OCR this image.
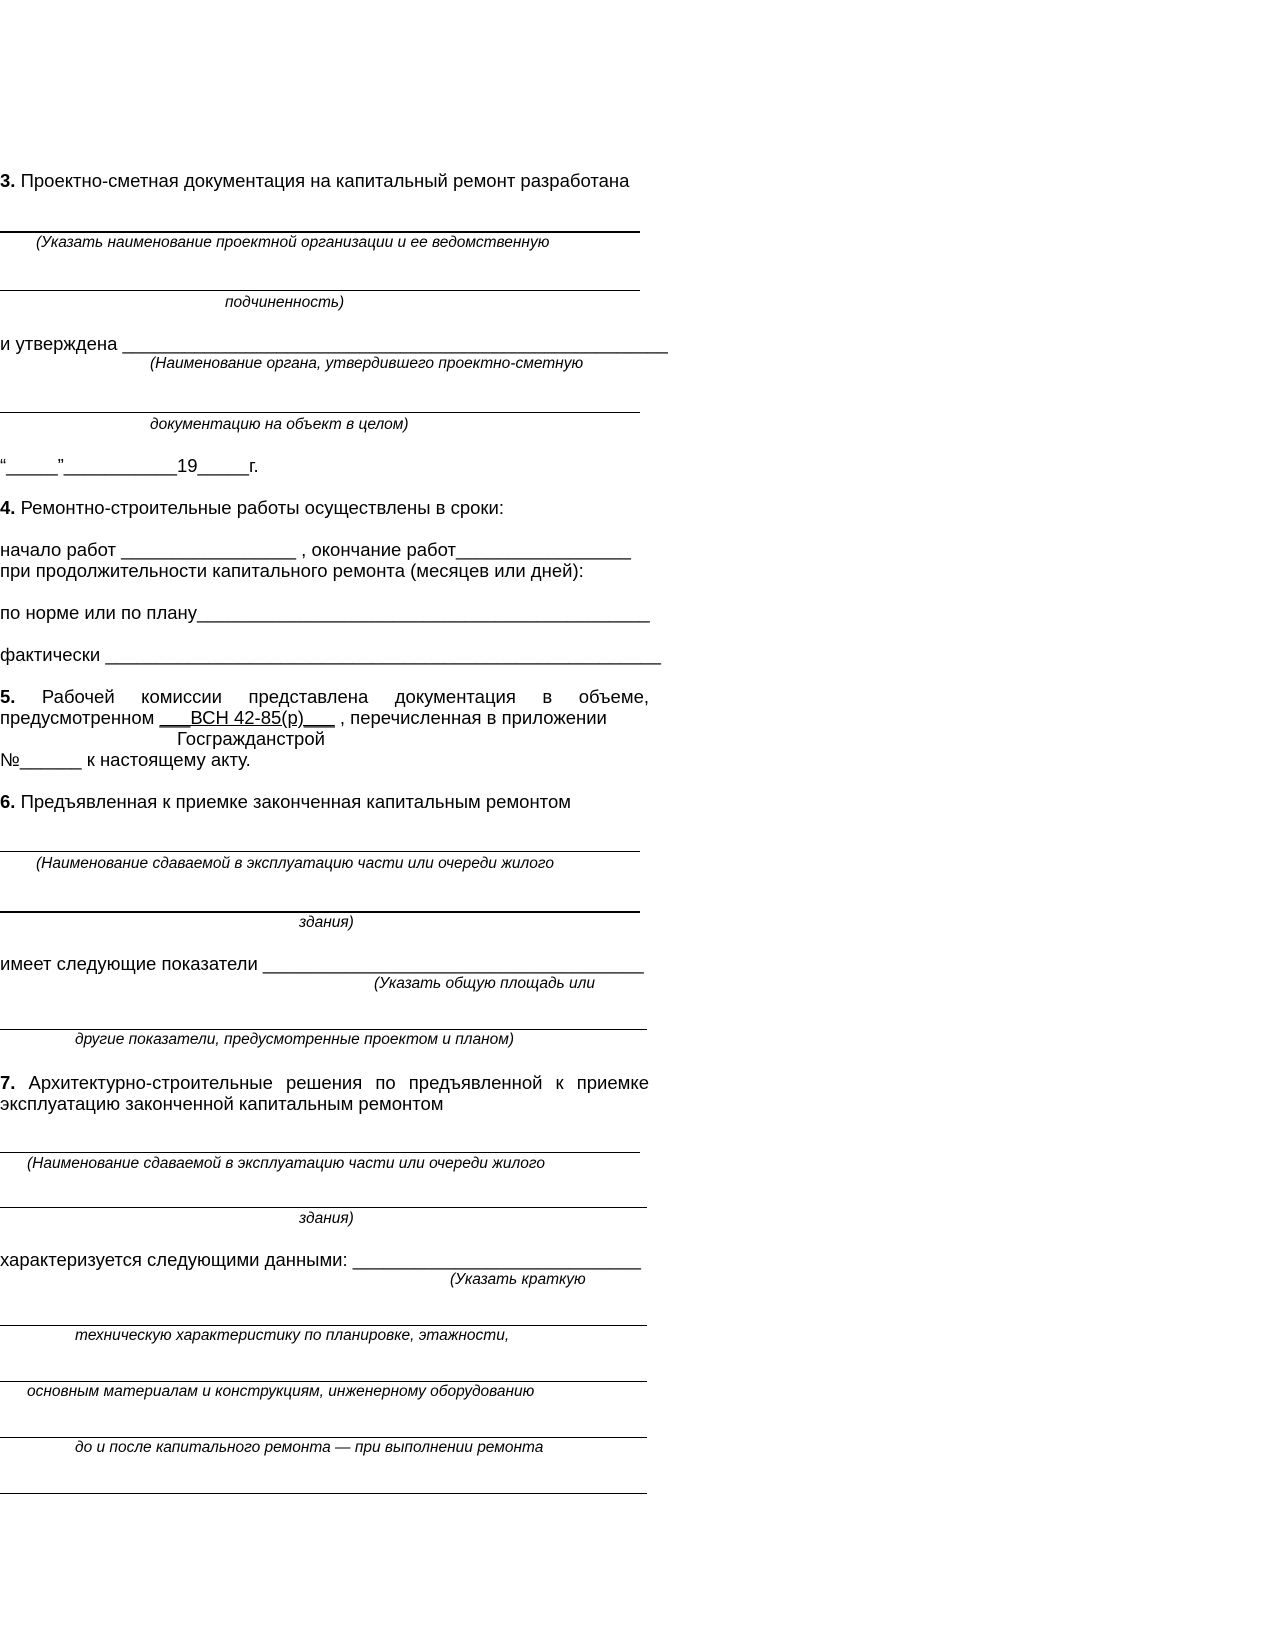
3. Проектно-сметная документация на капитальный ремонт разработана
(Указать наименование проектной организации и ее ведомственную
подчиненность)
и утверждена _____________________________________________________
(Наименование органа, утвердившего проектно-сметную
документацию на объект в целом)
“_____”___________19_____г.
4. Ремонтно-строительные работы осуществлены в сроки:
начало работ _________________ , окончание работ_________________
при продолжительности капитального ремонта (месяцев или дней):
по норме или по плану____________________________________________
фактически ______________________________________________________
5. Рабочей комиссии представлена документация в объеме,
предусмотренном ___ВСН 42-85(р)___ , перечисленная в приложении
Госгражданстрой
№______ к настоящему акту.
6. Предъявленная к приемке законченная капитальным ремонтом
(Наименование сдаваемой в эксплуатацию части или очереди жилого
здания)
имеет следующие показатели _____________________________________
(Указать общую площадь или
другие показатели, предусмотренные проектом и планом)
7. Архитектурно-строительные решения по предъявленной к приемке
эксплуатацию законченной капитальным ремонтом
(Наименование сдаваемой в эксплуатацию части или очереди жилого
здания)
характеризуется следующими данными: ____________________________
(Указать краткую
техническую характеристику по планировке, этажности,
основным материалам и конструкциям, инженерному оборудованию
до и после капитального ремонта — при выполнении ремонта
